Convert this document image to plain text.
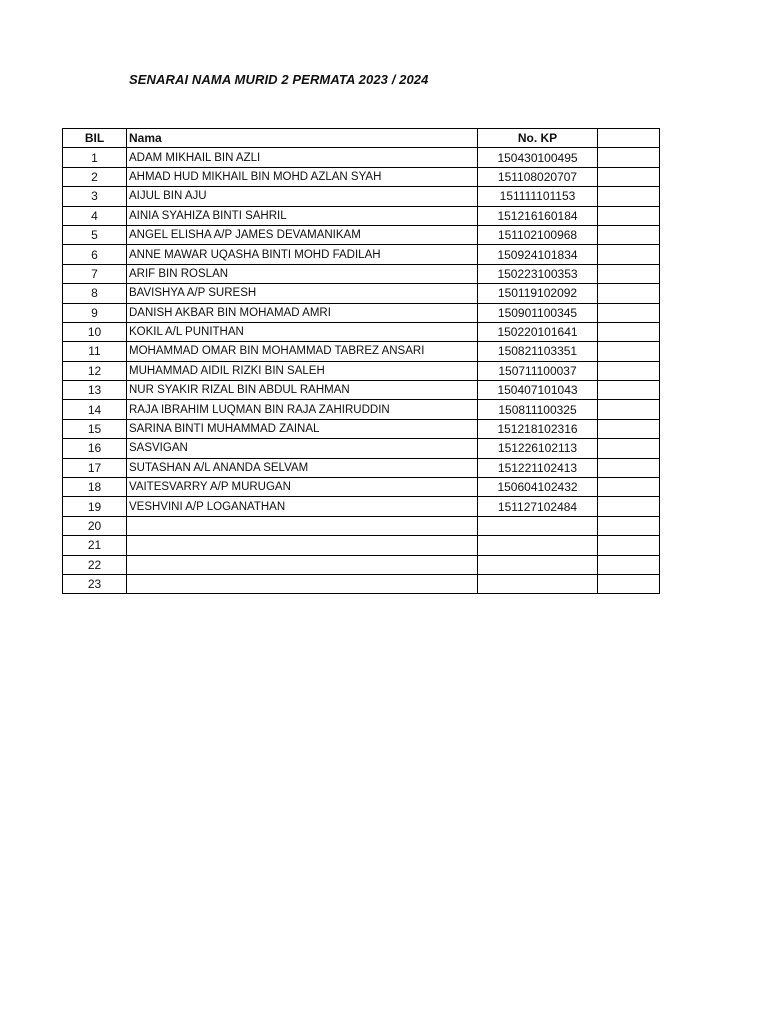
SENARAI NAMA MURID 2 PERMATA 2023 / 2024
BIL	Nama	No. KP	
1	ADAM MIKHAIL BIN AZLI	150430100495	
2	AHMAD HUD MIKHAIL BIN MOHD AZLAN SYAH	151108020707	
3	AIJUL BIN AJU	151111101153	
4	AINIA SYAHIZA BINTI SAHRIL	151216160184	
5	ANGEL ELISHA A/P JAMES DEVAMANIKAM	151102100968	
6	ANNE MAWAR UQASHA BINTI MOHD FADILAH	150924101834	
7	ARIF BIN ROSLAN	150223100353	
8	BAVISHYA A/P SURESH	150119102092	
9	DANISH AKBAR BIN MOHAMAD AMRI	150901100345	
10	KOKIL A/L PUNITHAN	150220101641	
11	MOHAMMAD OMAR BIN MOHAMMAD TABREZ ANSARI	150821103351	
12	MUHAMMAD AIDIL RIZKI BIN SALEH	150711100037	
13	NUR SYAKIR RIZAL BIN ABDUL RAHMAN	150407101043	
14	RAJA IBRAHIM LUQMAN BIN RAJA ZAHIRUDDIN	150811100325	
15	SARINA BINTI MUHAMMAD ZAINAL	151218102316	
16	SASVIGAN	151226102113	
17	SUTASHAN A/L ANANDA SELVAM	151221102413	
18	VAITESVARRY A/P MURUGAN	150604102432	
19	VESHVINI A/P LOGANATHAN	151127102484	
20			
21			
22			
23			
